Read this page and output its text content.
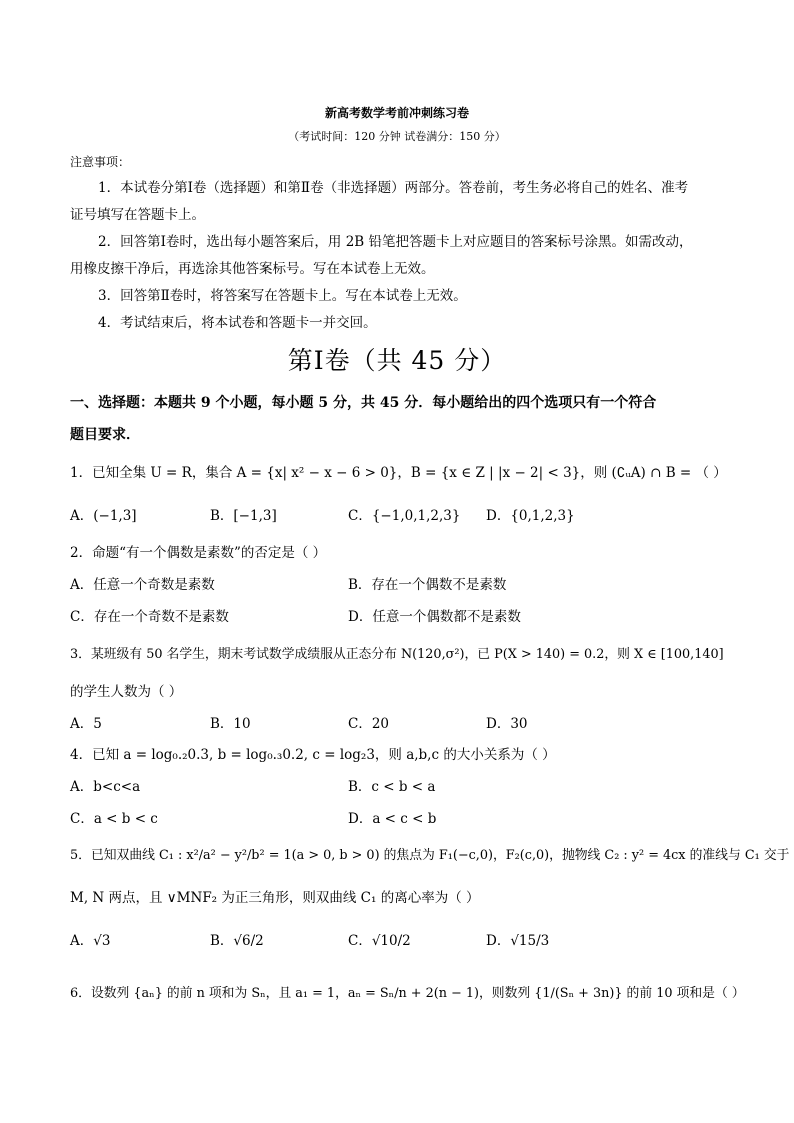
新高考数学考前冲刺练习卷
（考试时间：120 分钟 试卷满分：150 分）
注意事项：
1．本试卷分第Ⅰ卷（选择题）和第Ⅱ卷（非选择题）两部分。答卷前，考生务必将自己的姓名、准考
证号填写在答题卡上。
2．回答第Ⅰ卷时，选出每小题答案后，用 2B 铅笔把答题卡上对应题目的答案标号涂黑。如需改动，
用橡皮擦干净后，再选涂其他答案标号。写在本试卷上无效。
3．回答第Ⅱ卷时，将答案写在答题卡上。写在本试卷上无效。
4．考试结束后，将本试卷和答题卡一并交回。
第Ⅰ卷（共 45 分）
一、选择题：本题共 9 个小题，每小题 5 分，共 45 分．每小题给出的四个选项只有一个符合
题目要求．
1．已知全集 U = R，集合 A = {x| x² − x − 6 > 0}，B = {x ∈ Z | |x − 2| < 3}，则 (∁ᵤA) ∩ B = （ ）
A．(−1,3]	B．[−1,3]	C．{−1,0,1,2,3} D．{0,1,2,3}
2．命题“有一个偶数是素数”的否定是（ ）
A．任意一个奇数是素数	B．存在一个偶数不是素数
C．存在一个奇数不是素数	D．任意一个偶数都不是素数
3．某班级有 50 名学生，期末考试数学成绩服从正态分布 N(120,σ²)，已 P(X > 140) = 0.2，则 X ∈ [100,140]
的学生人数为（ ）
A．5	B．10	C．20	D．30
4．已知 a = log₀.₂0.3, b = log₀.₃0.2, c = log₂3，则 a,b,c 的大小关系为（ ）
A．b<c<a	B．c < b < a
C．a < b < c	D．a < c < b
5．已知双曲线 C₁ : x²/a² − y²/b² = 1(a > 0, b > 0) 的焦点为 F₁(−c,0)，F₂(c,0)，抛物线 C₂ : y² = 4cx 的准线与 C₁ 交于
M, N 两点，且 ∨MNF₂ 为正三角形，则双曲线 C₁ 的离心率为（ ）
A．√3	B．√6/2	C．√10/2	D．√15/3
6．设数列 {aₙ} 的前 n 项和为 Sₙ，且 a₁ = 1，aₙ = Sₙ/n + 2(n − 1)，则数列 {1/(Sₙ + 3n)} 的前 10 项和是（ ）
